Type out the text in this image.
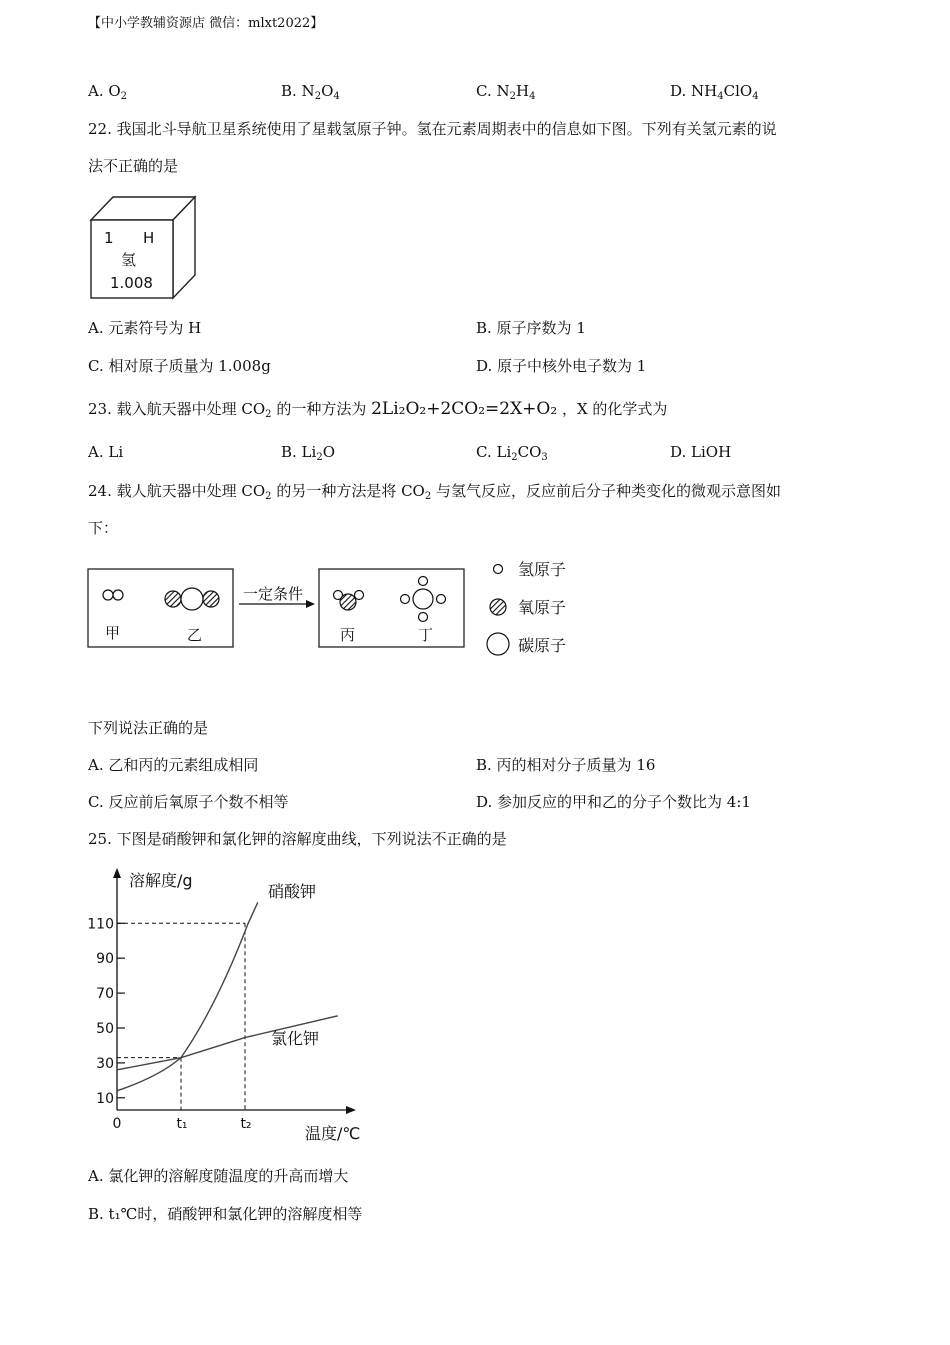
【中小学教辅资源店 微信：mlxt2022】
A. $O_2$	B. $N_2O_4$	C. $N_2H_4$	D. $NH_4ClO_4$
22. 我国北斗导航卫星系统使用了星载氢原子钟。氢在元素周期表中的信息如下图。下列有关氢元素的说
法不正确的是
1 H
氢
1.008
A. 元素符号为 H	B. 原子序数为 1
C. 相对原子质量为 1.008g	D. 原子中核外电子数为 1
23. 载入航天器中处理 $CO_2$ 的一种方法为 2Li₂O₂+2CO₂=2X+O₂ ，X 的化学式为
A. Li	B. $Li_2O$	C. $Li_2CO_3$	D. LiOH
24. 载人航天器中处理 $CO_2$ 的另一种方法是将 $CO_2$ 与氢气反应，反应前后分子种类变化的微观示意图如
下：
甲	乙
一定条件
丙	丁
氢原子
氧原子
碳原子
下列说法正确的是
A. 乙和丙的元素组成相同	B. 丙的相对分子质量为 16
C. 反应前后氧原子个数不相等	D. 参加反应的甲和乙的分子个数比为 4:1
25. 下图是硝酸钾和氯化钾的溶解度曲线，下列说法不正确的是
溶解度/g
温度/℃
10
30
50
70
90
110
0	t₁	t₂
硝酸钾
氯化钾
A. 氯化钾的溶解度随温度的升高而增大
B. t₁℃时，硝酸钾和氯化钾的溶解度相等
